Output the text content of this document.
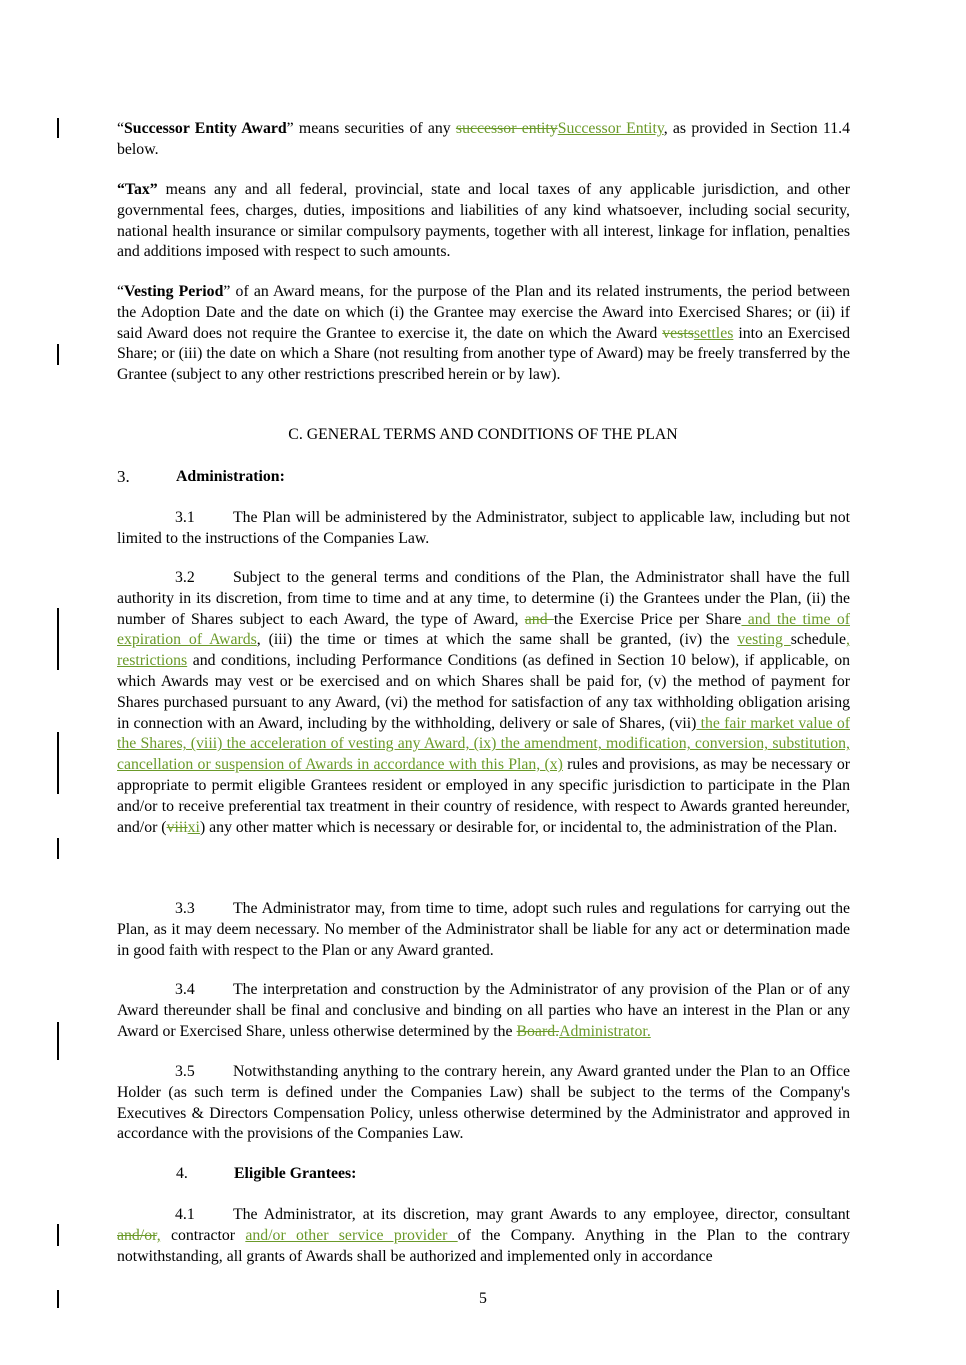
“Successor Entity Award” means securities of any successor entitySuccessor Entity, as provided in Section 11.4 below.

“Tax” means any and all federal, provincial, state and local taxes of any applicable jurisdiction, and other governmental fees, charges, duties, impositions and liabilities of any kind whatsoever, including social security, national health insurance or similar compulsory payments, together with all interest, linkage for inflation, penalties and additions imposed with respect to such amounts.

“Vesting Period” of an Award means, for the purpose of the Plan and its related instruments, the period between the Adoption Date and the date on which (i) the Grantee may exercise the Award into Exercised Shares; or (ii) if said Award does not require the Grantee to exercise it, the date on which the Award vestssettles into an Exercised Share; or (iii) the date on which a Share (not resulting from another type of Award) may be freely transferred by the Grantee (subject to any other restrictions prescribed herein or by law).

C. GENERAL TERMS AND CONDITIONS OF THE PLAN
3.	Administration:

3.1 The Plan will be administered by the Administrator, subject to applicable law, including but not limited to the instructions of the Companies Law.

3.2 Subject to the general terms and conditions of the Plan, the Administrator shall have the full authority in its discretion, from time to time and at any time, to determine (i) the Grantees under the Plan, (ii) the number of Shares subject to each Award, the type of Award, and the Exercise Price per Share and the time of expiration of Awards, (iii) the time or times at which the same shall be granted, (iv) the vesting schedule, restrictions and conditions, including Performance Conditions (as defined in Section 10 below), if applicable, on which Awards may vest or be exercised and on which Shares shall be paid for, (v) the method of payment for Shares purchased pursuant to any Award, (vi) the method for satisfaction of any tax withholding obligation arising in connection with an Award, including by the withholding, delivery or sale of Shares, (vii) the fair market value of the Shares, (viii) the acceleration of vesting any Award, (ix) the amendment, modification, conversion, substitution, cancellation or suspension of Awards in accordance with this Plan, (x) rules and provisions, as may be necessary or appropriate to permit eligible Grantees resident or employed in any specific jurisdiction to participate in the Plan and/or to receive preferential tax treatment in their country of residence, with respect to Awards granted hereunder, and/or (viiixi) any other matter which is necessary or desirable for, or incidental to, the administration of the Plan.

3.3 The Administrator may, from time to time, adopt such rules and regulations for carrying out the Plan, as it may deem necessary. No member of the Administrator shall be liable for any act or determination made in good faith with respect to the Plan or any Award granted.

3.4 The interpretation and construction by the Administrator of any provision of the Plan or of any Award thereunder shall be final and conclusive and binding on all parties who have an interest in the Plan or any Award or Exercised Share, unless otherwise determined by the Board.Administrator.

3.5 Notwithstanding anything to the contrary herein, any Award granted under the Plan to an Office Holder (as such term is defined under the Companies Law) shall be subject to the terms of the Company's Executives & Directors Compensation Policy, unless otherwise determined by the Administrator and approved in accordance with the provisions of the Companies Law.

4.	Eligible Grantees:

4.1 The Administrator, at its discretion, may grant Awards to any employee, director, consultant and/or, contractor and/or other service provider of the Company. Anything in the Plan to the contrary notwithstanding, all grants of Awards shall be authorized and implemented only in accordance

5
